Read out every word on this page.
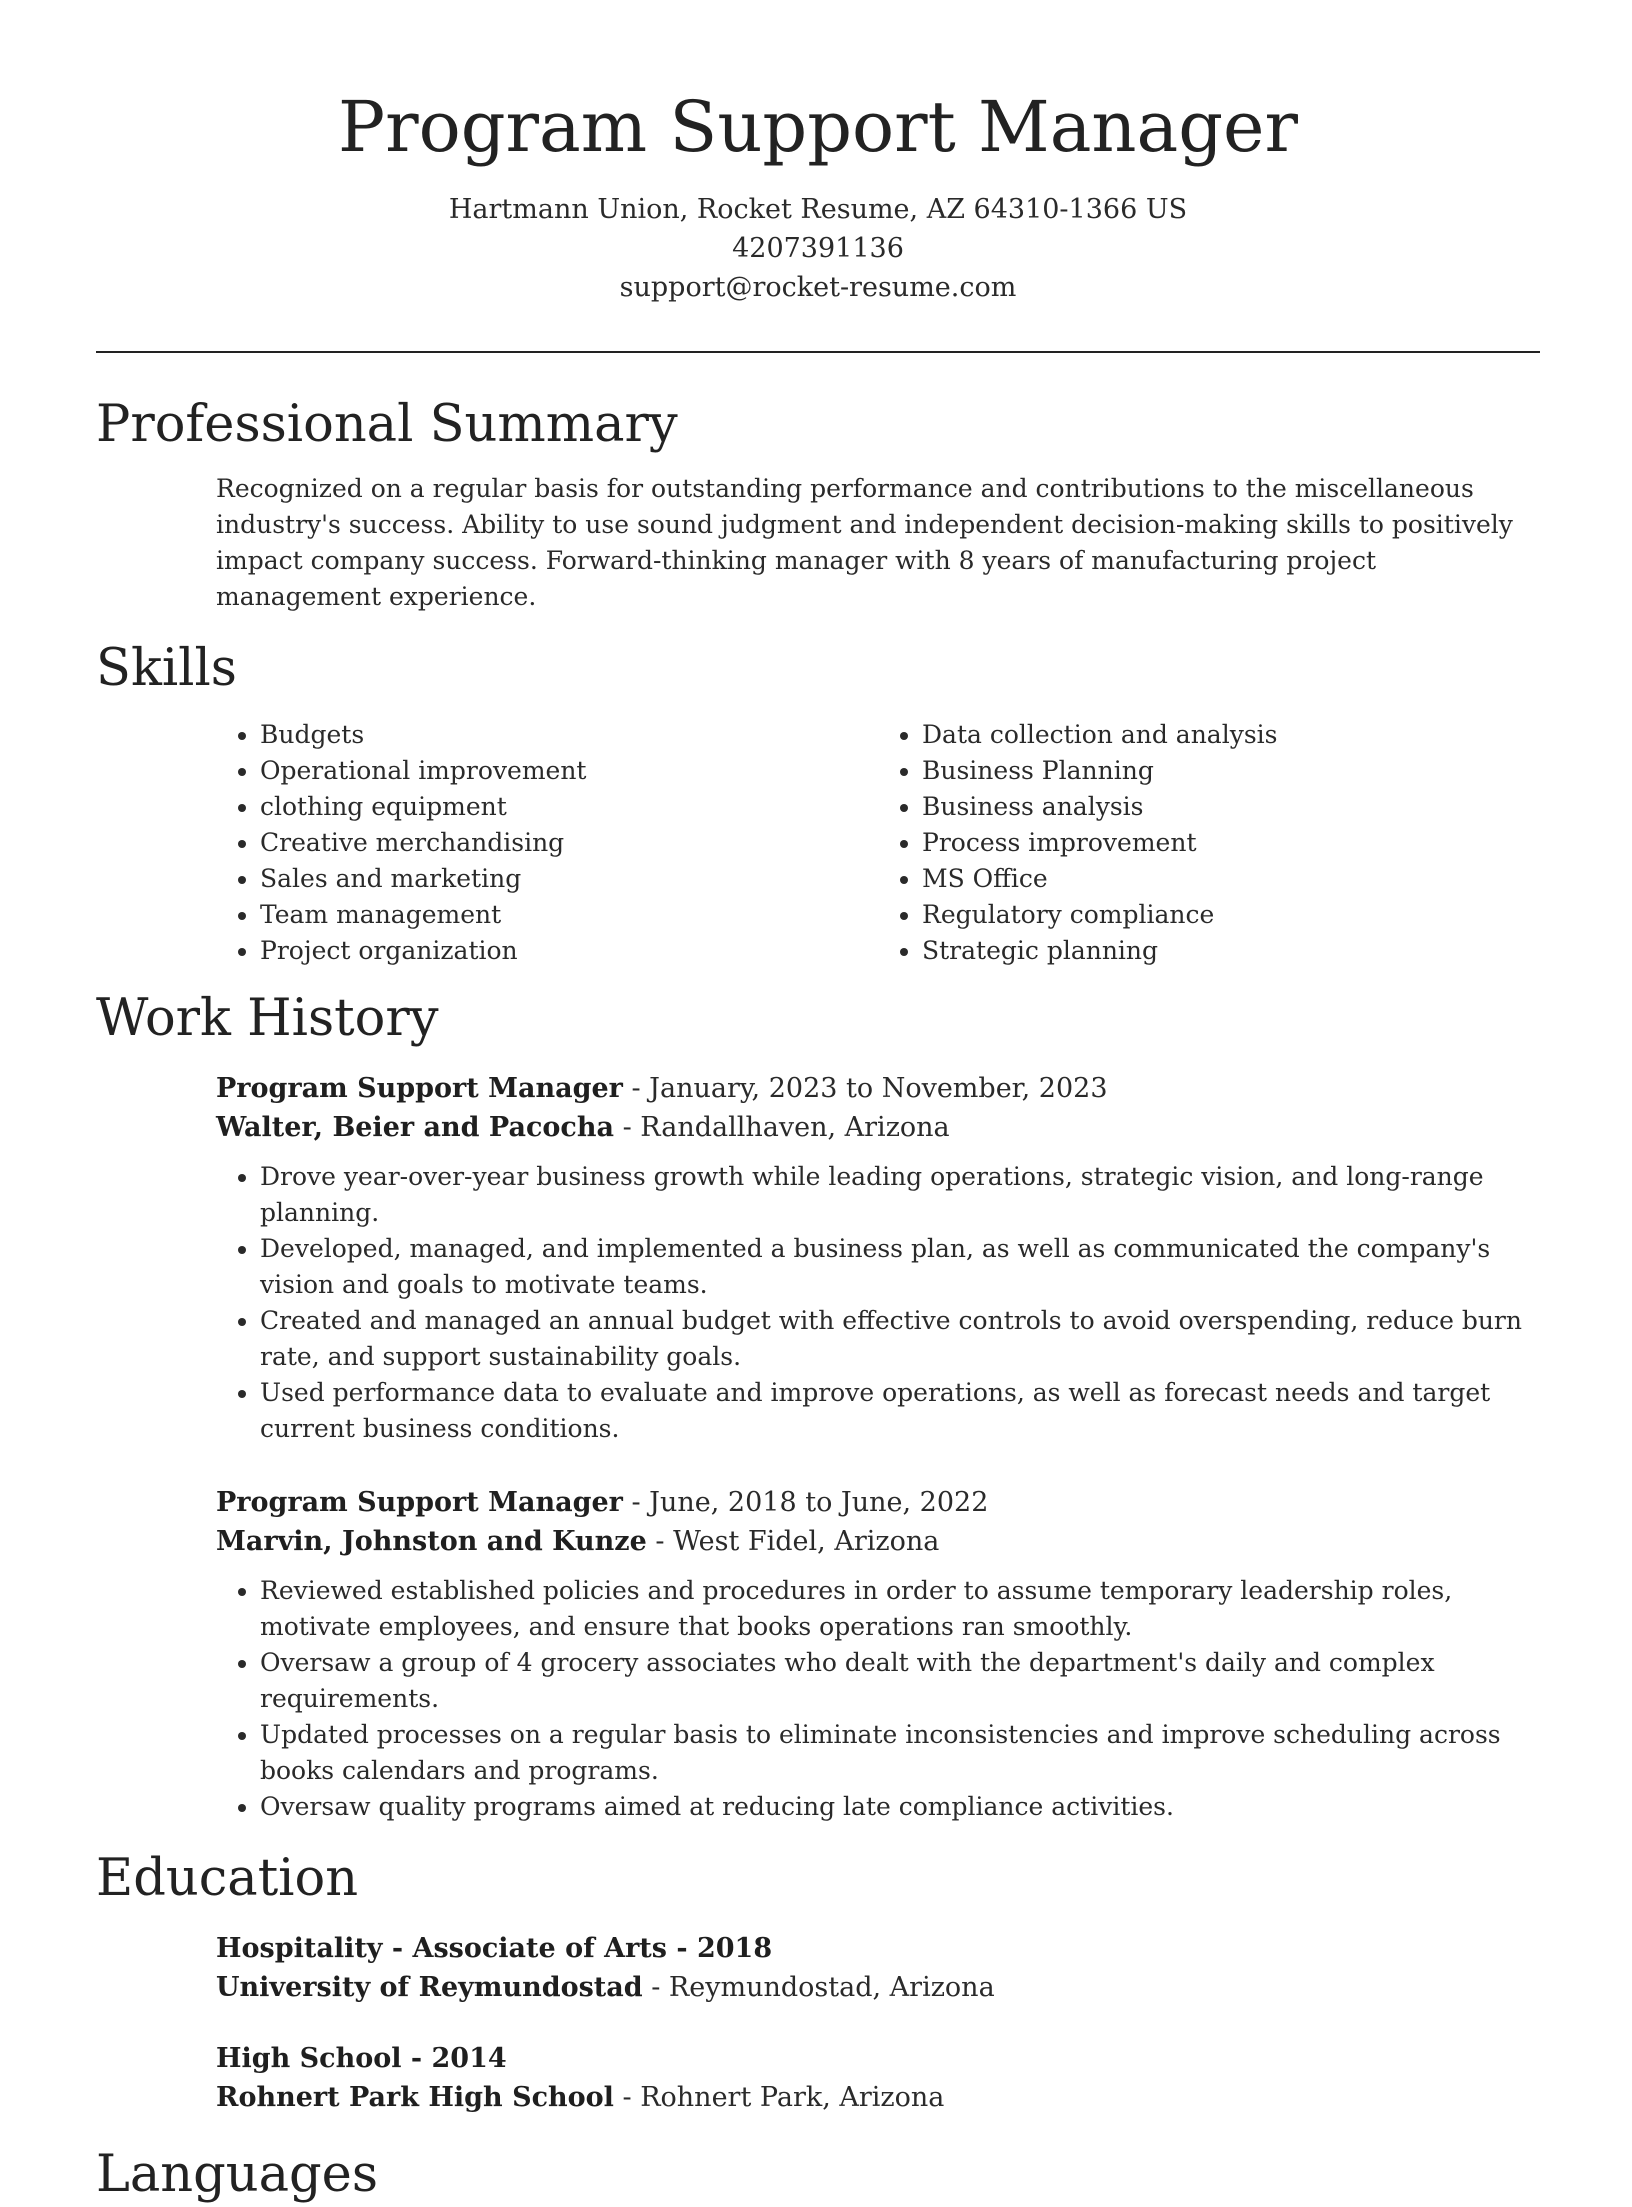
Program Support Manager
Hartmann Union, Rocket Resume, AZ 64310-1366 US
4207391136
support@rocket-resume.com
Professional Summary
Recognized on a regular basis for outstanding performance and contributions to the miscellaneous industry's success. Ability to use sound judgment and independent decision-making skills to positively impact company success. Forward-thinking manager with 8 years of manufacturing project management experience.
Skills
• Budgets
• Operational improvement
• clothing equipment
• Creative merchandising
• Sales and marketing
• Team management
• Project organization
• Data collection and analysis
• Business Planning
• Business analysis
• Process improvement
• MS Office
• Regulatory compliance
• Strategic planning
Work History
Program Support Manager - January, 2023 to November, 2023
Walter, Beier and Pacocha - Randallhaven, Arizona
• Drove year-over-year business growth while leading operations, strategic vision, and long-range planning.
• Developed, managed, and implemented a business plan, as well as communicated the company's vision and goals to motivate teams.
• Created and managed an annual budget with effective controls to avoid overspending, reduce burn rate, and support sustainability goals.
• Used performance data to evaluate and improve operations, as well as forecast needs and target current business conditions.
Program Support Manager - June, 2018 to June, 2022
Marvin, Johnston and Kunze - West Fidel, Arizona
• Reviewed established policies and procedures in order to assume temporary leadership roles, motivate employees, and ensure that books operations ran smoothly.
• Oversaw a group of 4 grocery associates who dealt with the department's daily and complex requirements.
• Updated processes on a regular basis to eliminate inconsistencies and improve scheduling across books calendars and programs.
• Oversaw quality programs aimed at reducing late compliance activities.
Education
Hospitality - Associate of Arts - 2018
University of Reymundostad - Reymundostad, Arizona
High School - 2014
Rohnert Park High School - Rohnert Park, Arizona
Languages
